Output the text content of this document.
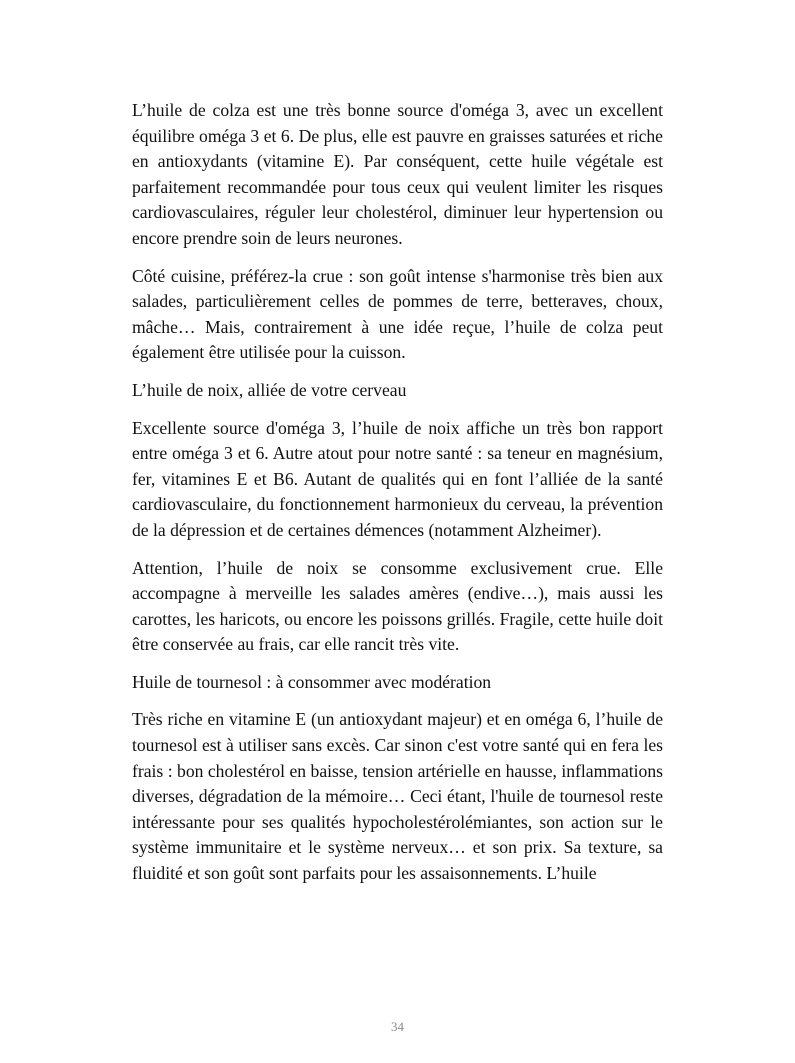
L’huile de colza est une très bonne source d'oméga 3, avec un excellent équilibre oméga 3 et 6. De plus, elle est pauvre en graisses saturées et riche en antioxydants (vitamine E). Par conséquent, cette huile végétale est parfaitement recommandée pour tous ceux qui veulent limiter les risques cardiovasculaires, réguler leur cholestérol, diminuer leur hypertension ou encore prendre soin de leurs neurones.

Côté cuisine, préférez-la crue : son goût intense s'harmonise très bien aux salades, particulièrement celles de pommes de terre, betteraves, choux, mâche… Mais, contrairement à une idée reçue, l’huile de colza peut également être utilisée pour la cuisson.

L’huile de noix, alliée de votre cerveau

Excellente source d'oméga 3, l’huile de noix affiche un très bon rapport entre oméga 3 et 6. Autre atout pour notre santé : sa teneur en magnésium, fer, vitamines E et B6. Autant de qualités qui en font l’alliée de la santé cardiovasculaire, du fonctionnement harmonieux du cerveau, la prévention de la dépression et de certaines démences (notamment Alzheimer).

Attention, l’huile de noix se consomme exclusivement crue. Elle accompagne à merveille les salades amères (endive…), mais aussi les carottes, les haricots, ou encore les poissons grillés. Fragile, cette huile doit être conservée au frais, car elle rancit très vite.

Huile de tournesol : à consommer avec modération

Très riche en vitamine E (un antioxydant majeur) et en oméga 6, l’huile de tournesol est à utiliser sans excès. Car sinon c'est votre santé qui en fera les frais : bon cholestérol en baisse, tension artérielle en hausse, inflammations diverses, dégradation de la mémoire… Ceci étant, l'huile de tournesol reste intéressante pour ses qualités hypocholestérolémiantes, son action sur le système immunitaire et le système nerveux… et son prix. Sa texture, sa fluidité et son goût sont parfaits pour les assaisonnements. L’huile

34
